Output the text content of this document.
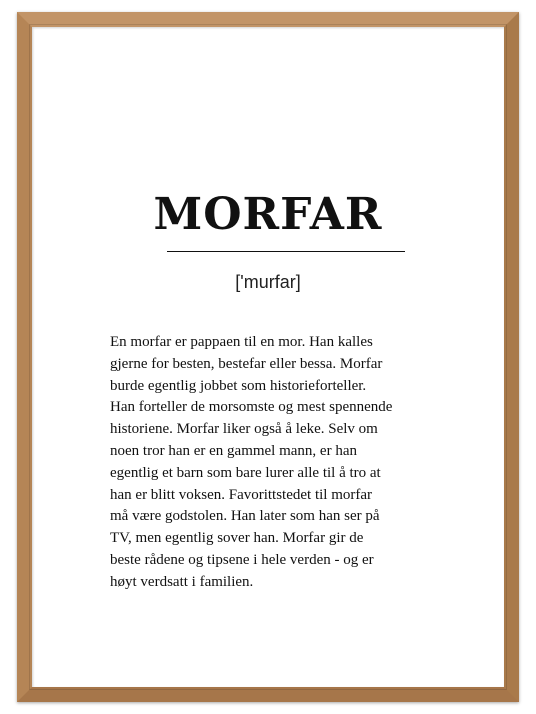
MORFAR
['murfar]

En morfar er pappaen til en mor. Han kalles
gjerne for besten, bestefar eller bessa. Morfar
burde egentlig jobbet som historieforteller.
Han forteller de morsomste og mest spennende
historiene. Morfar liker også å leke. Selv om
noen tror han er en gammel mann, er han
egentlig et barn som bare lurer alle til å tro at
han er blitt voksen. Favorittstedet til morfar
må være godstolen. Han later som han ser på
TV, men egentlig sover han. Morfar gir de
beste rådene og tipsene i hele verden - og er
høyt verdsatt i familien.
